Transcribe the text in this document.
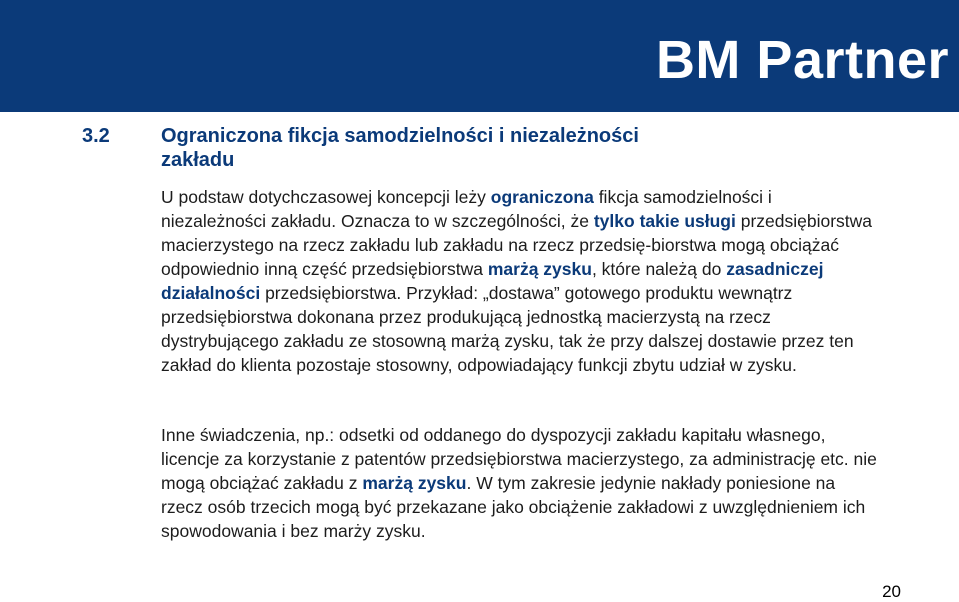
BM Partner
3.2	Ograniczona fikcja samodzielności i niezależności zakładu

U podstaw dotychczasowej koncepcji leży ograniczona fikcja samodzielności i niezależności zakładu. Oznacza to w szczególności, że tylko takie usługi przedsiębiorstwa macierzystego na rzecz zakładu lub zakładu na rzecz przedsię-biorstwa mogą obciążać odpowiednio inną część przedsiębiorstwa marżą zysku, które należą do zasadniczej działalności przedsiębiorstwa. Przykład: „dostawa” gotowego produktu wewnątrz przedsiębiorstwa dokonana przez produkującą jednostką macierzystą na rzecz dystrybującego zakładu ze stosowną marżą zysku, tak że przy dalszej dostawie przez ten zakład do klienta pozostaje stosowny, odpowiadający funkcji zbytu udział w zysku.

Inne świadczenia, np.: odsetki od oddanego do dyspozycji zakładu kapitału własnego, licencje za korzystanie z patentów przedsiębiorstwa macierzystego, za administrację etc. nie mogą obciążać zakładu z marżą zysku. W tym zakresie jedynie nakłady poniesione na rzecz osób trzecich mogą być przekazane jako obciążenie zakładowi z uwzględnieniem ich spowodowania i bez marży zysku.

20
